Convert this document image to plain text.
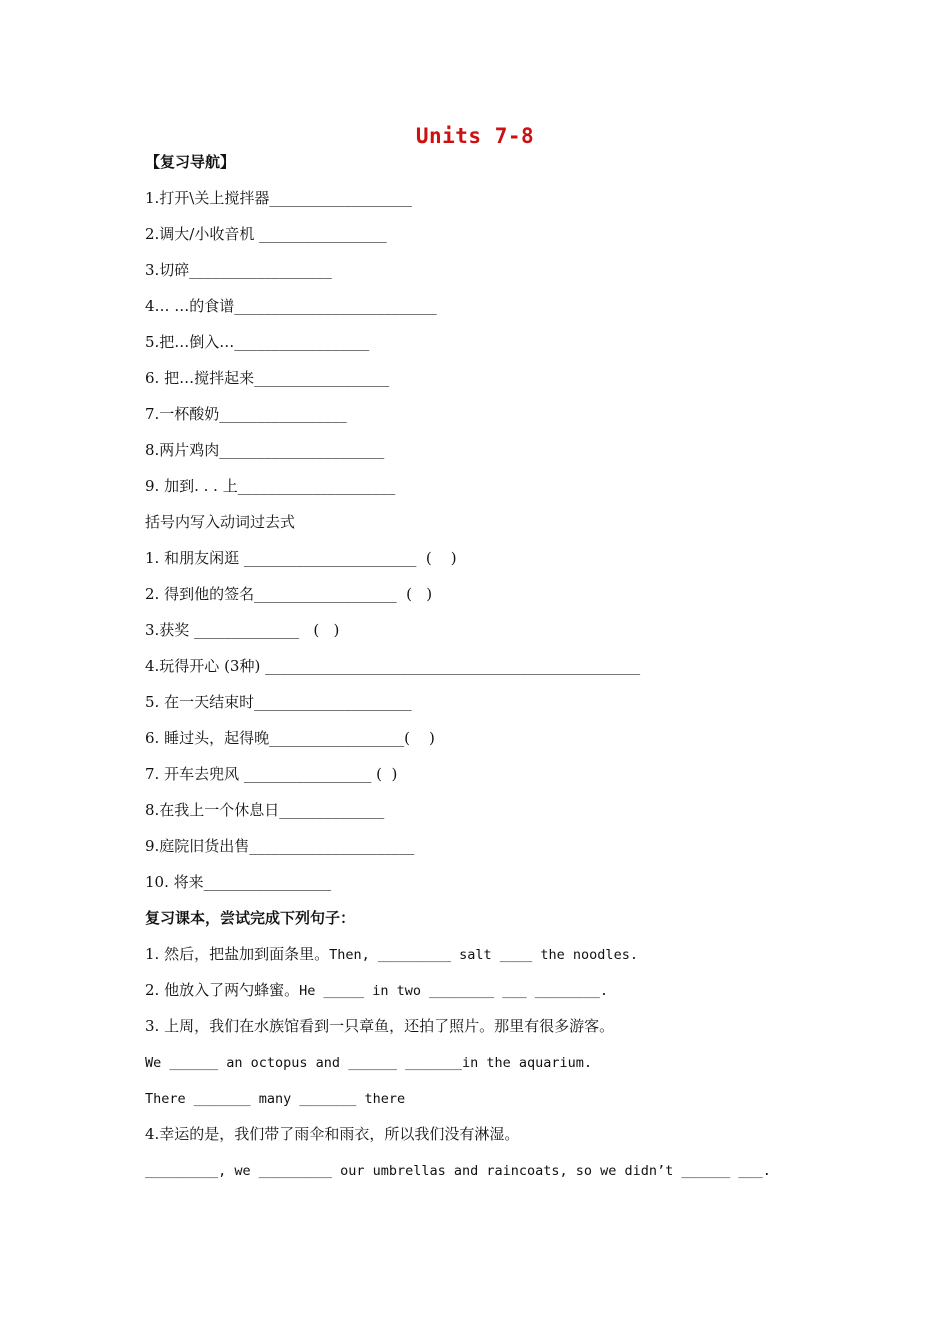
Units 7-8
【复习导航】
1.打开\关上搅拌器___________________
2.调大/小收音机 _________________
3.切碎___________________
4… …的食谱___________________________
5.把…倒入…__________________
6. 把…搅拌起来__________________
7.一杯酸奶_________________
8.两片鸡肉______________________
9. 加到. . . 上_____________________
括号内写入动词过去式
1. 和朋友闲逛 _______________________  (    )
2. 得到他的签名___________________  (   )
3.获奖 ______________   (   )
4.玩得开心 (3种) __________________________________________________
5. 在一天结束时_____________________
6. 睡过头，起得晚__________________(    )
7. 开车去兜风 _________________ (  )
8.在我上一个休息日______________
9.庭院旧货出售______________________
10. 将来_________________
复习课本，尝试完成下列句子：
1. 然后，把盐加到面条里。Then, _________ salt ____ the noodles.
2. 他放入了两勺蜂蜜。He _____ in two ________ ___ ________.
3. 上周，我们在水族馆看到一只章鱼，还拍了照片。那里有很多游客。
We ______ an octopus and ______ _______in the aquarium.
There _______ many _______ there
4.幸运的是，我们带了雨伞和雨衣，所以我们没有淋湿。
_________, we _________ our umbrellas and raincoats, so we didn’t ______ ___.
